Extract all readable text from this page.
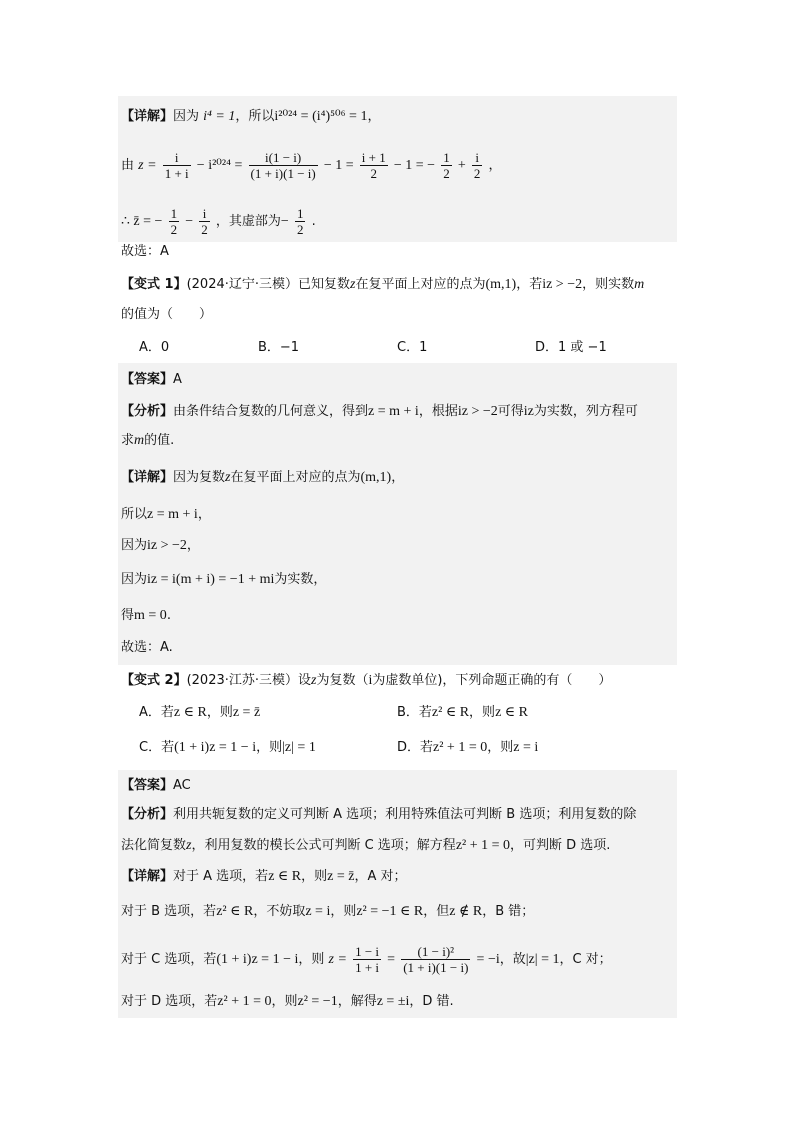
【详解】因为 i⁴ = 1，所以i²⁰²⁴ = (i⁴)⁵⁰⁶ = 1，
由 $z = \frac{i}{1 + i} - i^{2024} = \frac{i(1 - i)}{(1 + i)(1 - i)} - 1 = \frac{i + 1}{2} - 1$ = − $\frac{1}{2} + \frac{i}{2}$ ，
∴ z̄ = − $\frac{1}{2} - \frac{i}{2}$ ，其虚部为− $\frac{1}{2}$ .
故选：A
【变式 1】(2024·辽宁·三模）已知复数z在复平面上对应的点为(m,1)，若iz > −2，则实数m
的值为（　　）
A．0	B．−1	C．1	D．1 或 −1
【答案】A
【分析】由条件结合复数的几何意义，得到z = m + i，根据iz > −2可得iz为实数，列方程可
求m的值.
【详解】因为复数z在复平面上对应的点为(m,1)，
所以z = m + i，
因为iz > −2，
因为iz = i(m + i) = −1 + mi为实数，
得m = 0.
故选：A.
【变式 2】(2023·江苏·三模）设z为复数（i为虚数单位)，下列命题正确的有（　　）
A．若z ∈ R，则z = z̄	B．若z² ∈ R，则z ∈ R
C．若(1 + i)z = 1 − i，则|z| = 1	D．若z² + 1 = 0，则z = i
【答案】AC
【分析】利用共轭复数的定义可判断 A 选项；利用特殊值法可判断 B 选项；利用复数的除
法化简复数z，利用复数的模长公式可判断 C 选项；解方程z² + 1 = 0，可判断 D 选项.
【详解】对于 A 选项，若z ∈ R，则z = z̄，A 对；
对于 B 选项，若z² ∈ R，不妨取z = i，则z² = −1 ∈ R，但z ∉ R，B 错；
对于 C 选项，若(1 + i)z = 1 − i，则 $z = \frac{1 - i}{1 + i} = \frac{\text{(1 − i)²}}{(1 + i)(1 - i)} = -i$，故|z| = 1，C 对；
对于 D 选项，若z² + 1 = 0，则z² = −1，解得z = ±i，D 错.
